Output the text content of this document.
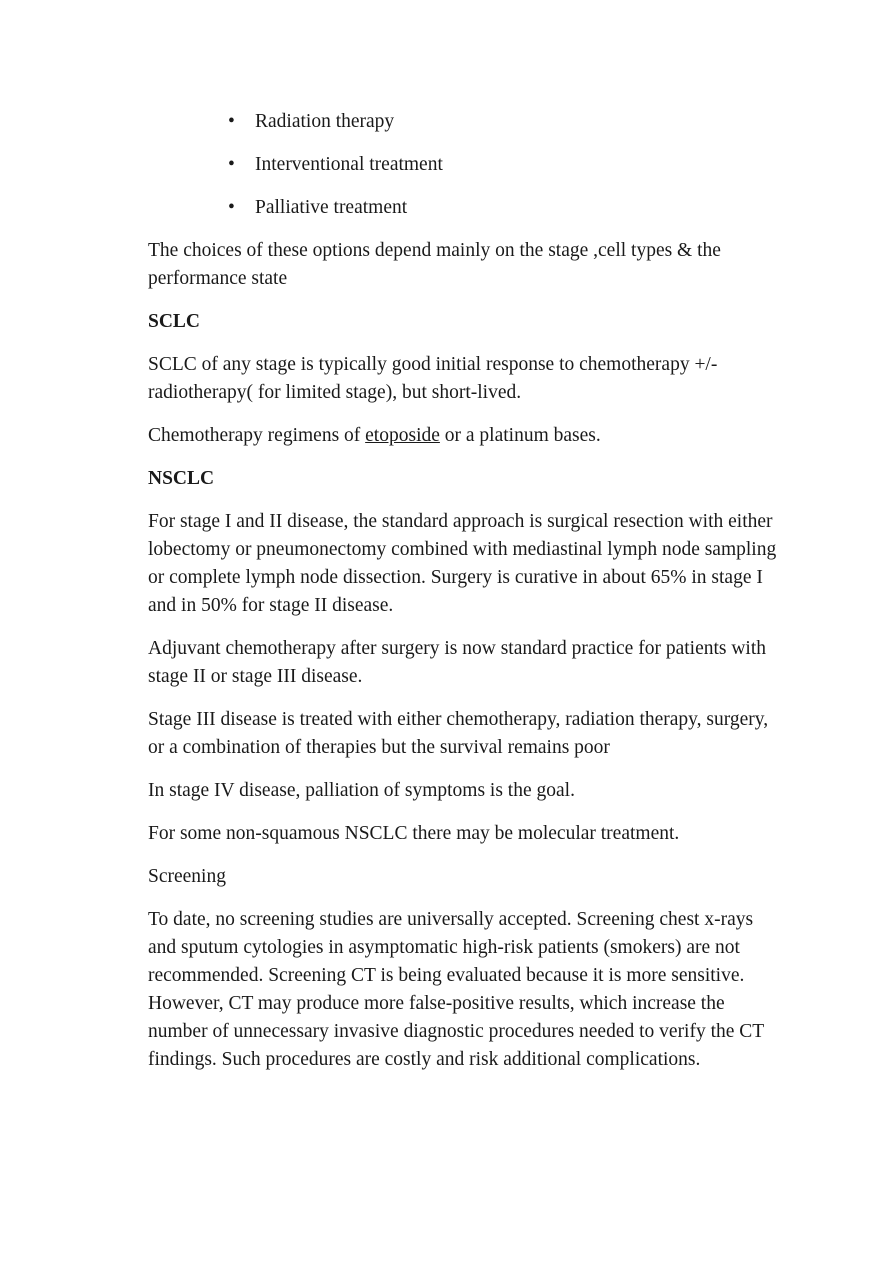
• Radiation therapy
• Interventional treatment
• Palliative treatment

The choices of these options depend mainly on the stage ,cell types & the performance state

SCLC

SCLC of any stage is typically good initial response to chemotherapy +/- radiotherapy( for limited stage), but short-lived.

Chemotherapy regimens of etoposide or a platinum bases.

NSCLC

For stage I and II disease, the standard approach is surgical resection with either lobectomy or pneumonectomy combined with mediastinal lymph node sampling or complete lymph node dissection. Surgery is curative in about 65% in stage I and in 50% for stage II disease.

Adjuvant chemotherapy after surgery is now standard practice for patients with stage II or stage III disease.

Stage III disease is treated with either chemotherapy, radiation therapy, surgery, or a combination of therapies but the survival remains poor

In stage IV disease, palliation of symptoms is the goal.

For some non-squamous NSCLC there may be molecular treatment.

Screening

To date, no screening studies are universally accepted. Screening chest x-rays and sputum cytologies in asymptomatic high-risk patients (smokers) are not recommended. Screening CT is being evaluated because it is more sensitive. However, CT may produce more false-positive results, which increase the number of unnecessary invasive diagnostic procedures needed to verify the CT findings. Such procedures are costly and risk additional complications.
